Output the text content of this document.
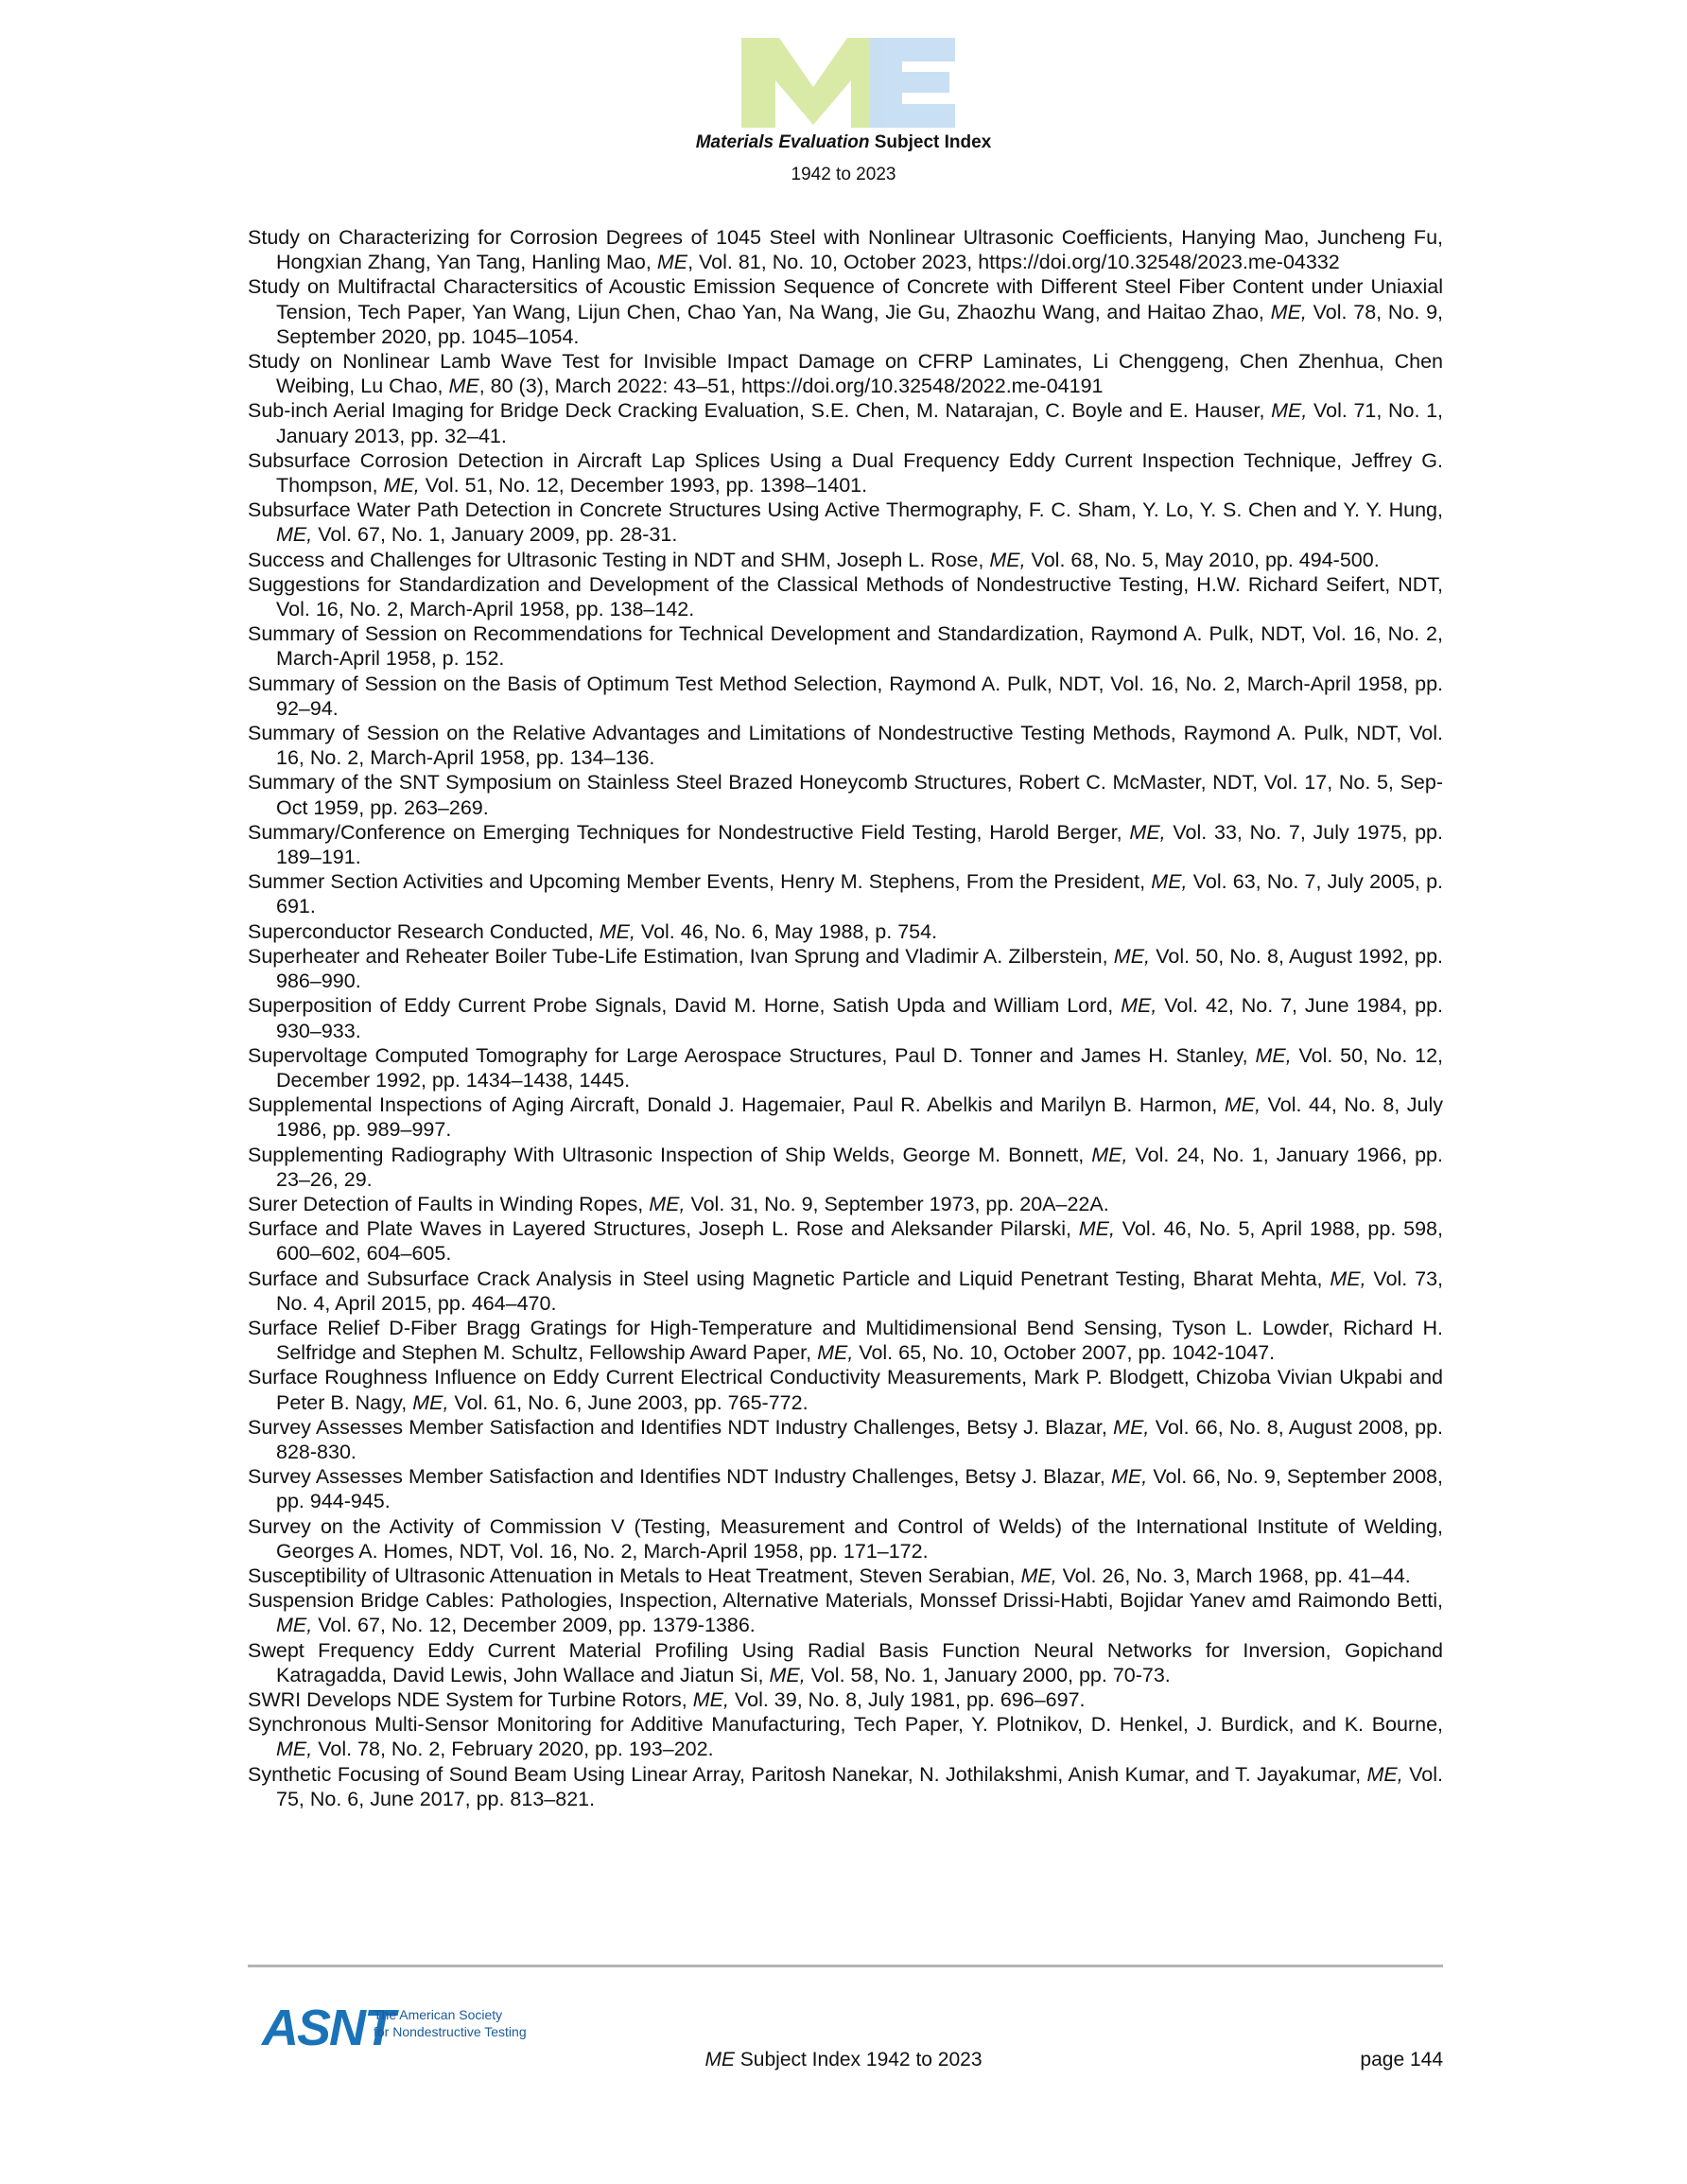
Materials Evaluation Subject Index
1942 to 2023

Study on Characterizing for Corrosion Degrees of 1045 Steel with Nonlinear Ultrasonic Coefficients, Hanying Mao, Juncheng Fu, Hongxian Zhang, Yan Tang, Hanling Mao, ME, Vol. 81, No. 10, October 2023, https://doi.org/10.32548/2023.me-04332

Study on Multifractal Charactersitics of Acoustic Emission Sequence of Concrete with Different Steel Fiber Content under Uniaxial Tension, Tech Paper, Yan Wang, Lijun Chen, Chao Yan, Na Wang, Jie Gu, Zhaozhu Wang, and Haitao Zhao, ME, Vol. 78, No. 9, September 2020, pp. 1045–1054.

Study on Nonlinear Lamb Wave Test for Invisible Impact Damage on CFRP Laminates, Li Chenggeng, Chen Zhenhua, Chen Weibing, Lu Chao, ME, 80 (3), March 2022: 43–51, https://doi.org/10.32548/2022.me-04191

Sub-inch Aerial Imaging for Bridge Deck Cracking Evaluation, S.E. Chen, M. Natarajan, C. Boyle and E. Hauser, ME, Vol. 71, No. 1, January 2013, pp. 32–41.

Subsurface Corrosion Detection in Aircraft Lap Splices Using a Dual Frequency Eddy Current Inspection Technique, Jeffrey G. Thompson, ME, Vol. 51, No. 12, December 1993, pp. 1398–1401.

Subsurface Water Path Detection in Concrete Structures Using Active Thermography, F. C. Sham, Y. Lo, Y. S. Chen and Y. Y. Hung, ME, Vol. 67, No. 1, January 2009, pp. 28-31.

Success and Challenges for Ultrasonic Testing in NDT and SHM, Joseph L. Rose, ME, Vol. 68, No. 5, May 2010, pp. 494-500.

Suggestions for Standardization and Development of the Classical Methods of Nondestructive Testing, H.W. Richard Seifert, NDT, Vol. 16, No. 2, March-April 1958, pp. 138–142.

Summary of Session on Recommendations for Technical Development and Standardization, Raymond A. Pulk, NDT, Vol. 16, No. 2, March-April 1958, p. 152.

Summary of Session on the Basis of Optimum Test Method Selection, Raymond A. Pulk, NDT, Vol. 16, No. 2, March-April 1958, pp. 92–94.

Summary of Session on the Relative Advantages and Limitations of Nondestructive Testing Methods, Raymond A. Pulk, NDT, Vol. 16, No. 2, March-April 1958, pp. 134–136.

Summary of the SNT Symposium on Stainless Steel Brazed Honeycomb Structures, Robert C. McMaster, NDT, Vol. 17, No. 5, Sep-Oct 1959, pp. 263–269.

Summary/Conference on Emerging Techniques for Nondestructive Field Testing, Harold Berger, ME, Vol. 33, No. 7, July 1975, pp. 189–191.

Summer Section Activities and Upcoming Member Events, Henry M. Stephens, From the President, ME, Vol. 63, No. 7, July 2005, p. 691.

Superconductor Research Conducted, ME, Vol. 46, No. 6, May 1988, p. 754.

Superheater and Reheater Boiler Tube-Life Estimation, Ivan Sprung and Vladimir A. Zilberstein, ME, Vol. 50, No. 8, August 1992, pp. 986–990.

Superposition of Eddy Current Probe Signals, David M. Horne, Satish Upda and William Lord, ME, Vol. 42, No. 7, June 1984, pp. 930–933.

Supervoltage Computed Tomography for Large Aerospace Structures, Paul D. Tonner and James H. Stanley, ME, Vol. 50, No. 12, December 1992, pp. 1434–1438, 1445.

Supplemental Inspections of Aging Aircraft, Donald J. Hagemaier, Paul R. Abelkis and Marilyn B. Harmon, ME, Vol. 44, No. 8, July 1986, pp. 989–997.

Supplementing Radiography With Ultrasonic Inspection of Ship Welds, George M. Bonnett, ME, Vol. 24, No. 1, January 1966, pp. 23–26, 29.

Surer Detection of Faults in Winding Ropes, ME, Vol. 31, No. 9, September 1973, pp. 20A–22A.

Surface and Plate Waves in Layered Structures, Joseph L. Rose and Aleksander Pilarski, ME, Vol. 46, No. 5, April 1988, pp. 598, 600–602, 604–605.

Surface and Subsurface Crack Analysis in Steel using Magnetic Particle and Liquid Penetrant Testing, Bharat Mehta, ME, Vol. 73, No. 4, April 2015, pp. 464–470.

Surface Relief D-Fiber Bragg Gratings for High-Temperature and Multidimensional Bend Sensing, Tyson L. Lowder, Richard H. Selfridge and Stephen M. Schultz, Fellowship Award Paper, ME, Vol. 65, No. 10, October 2007, pp. 1042-1047.

Surface Roughness Influence on Eddy Current Electrical Conductivity Measurements, Mark P. Blodgett, Chizoba Vivian Ukpabi and Peter B. Nagy, ME, Vol. 61, No. 6, June 2003, pp. 765-772.

Survey Assesses Member Satisfaction and Identifies NDT Industry Challenges, Betsy J. Blazar, ME, Vol. 66, No. 8, August 2008, pp. 828-830.

Survey Assesses Member Satisfaction and Identifies NDT Industry Challenges, Betsy J. Blazar, ME, Vol. 66, No. 9, September 2008, pp. 944-945.

Survey on the Activity of Commission V (Testing, Measurement and Control of Welds) of the International Institute of Welding, Georges A. Homes, NDT, Vol. 16, No. 2, March-April 1958, pp. 171–172.

Susceptibility of Ultrasonic Attenuation in Metals to Heat Treatment, Steven Serabian, ME, Vol. 26, No. 3, March 1968, pp. 41–44.

Suspension Bridge Cables: Pathologies, Inspection, Alternative Materials, Monssef Drissi-Habti, Bojidar Yanev amd Raimondo Betti, ME, Vol. 67, No. 12, December 2009, pp. 1379-1386.

Swept Frequency Eddy Current Material Profiling Using Radial Basis Function Neural Networks for Inversion, Gopichand Katragadda, David Lewis, John Wallace and Jiatun Si, ME, Vol. 58, No. 1, January 2000, pp. 70-73.

SWRI Develops NDE System for Turbine Rotors, ME, Vol. 39, No. 8, July 1981, pp. 696–697.

Synchronous Multi-Sensor Monitoring for Additive Manufacturing, Tech Paper, Y. Plotnikov, D. Henkel, J. Burdick, and K. Bourne, ME, Vol. 78, No. 2, February 2020, pp. 193–202.

Synthetic Focusing of Sound Beam Using Linear Array, Paritosh Nanekar, N. Jothilakshmi, Anish Kumar, and T. Jayakumar, ME, Vol. 75, No. 6, June 2017, pp. 813–821.

ASNT
The American Society
for Nondestructive Testing
ME Subject Index 1942 to 2023	page 144
